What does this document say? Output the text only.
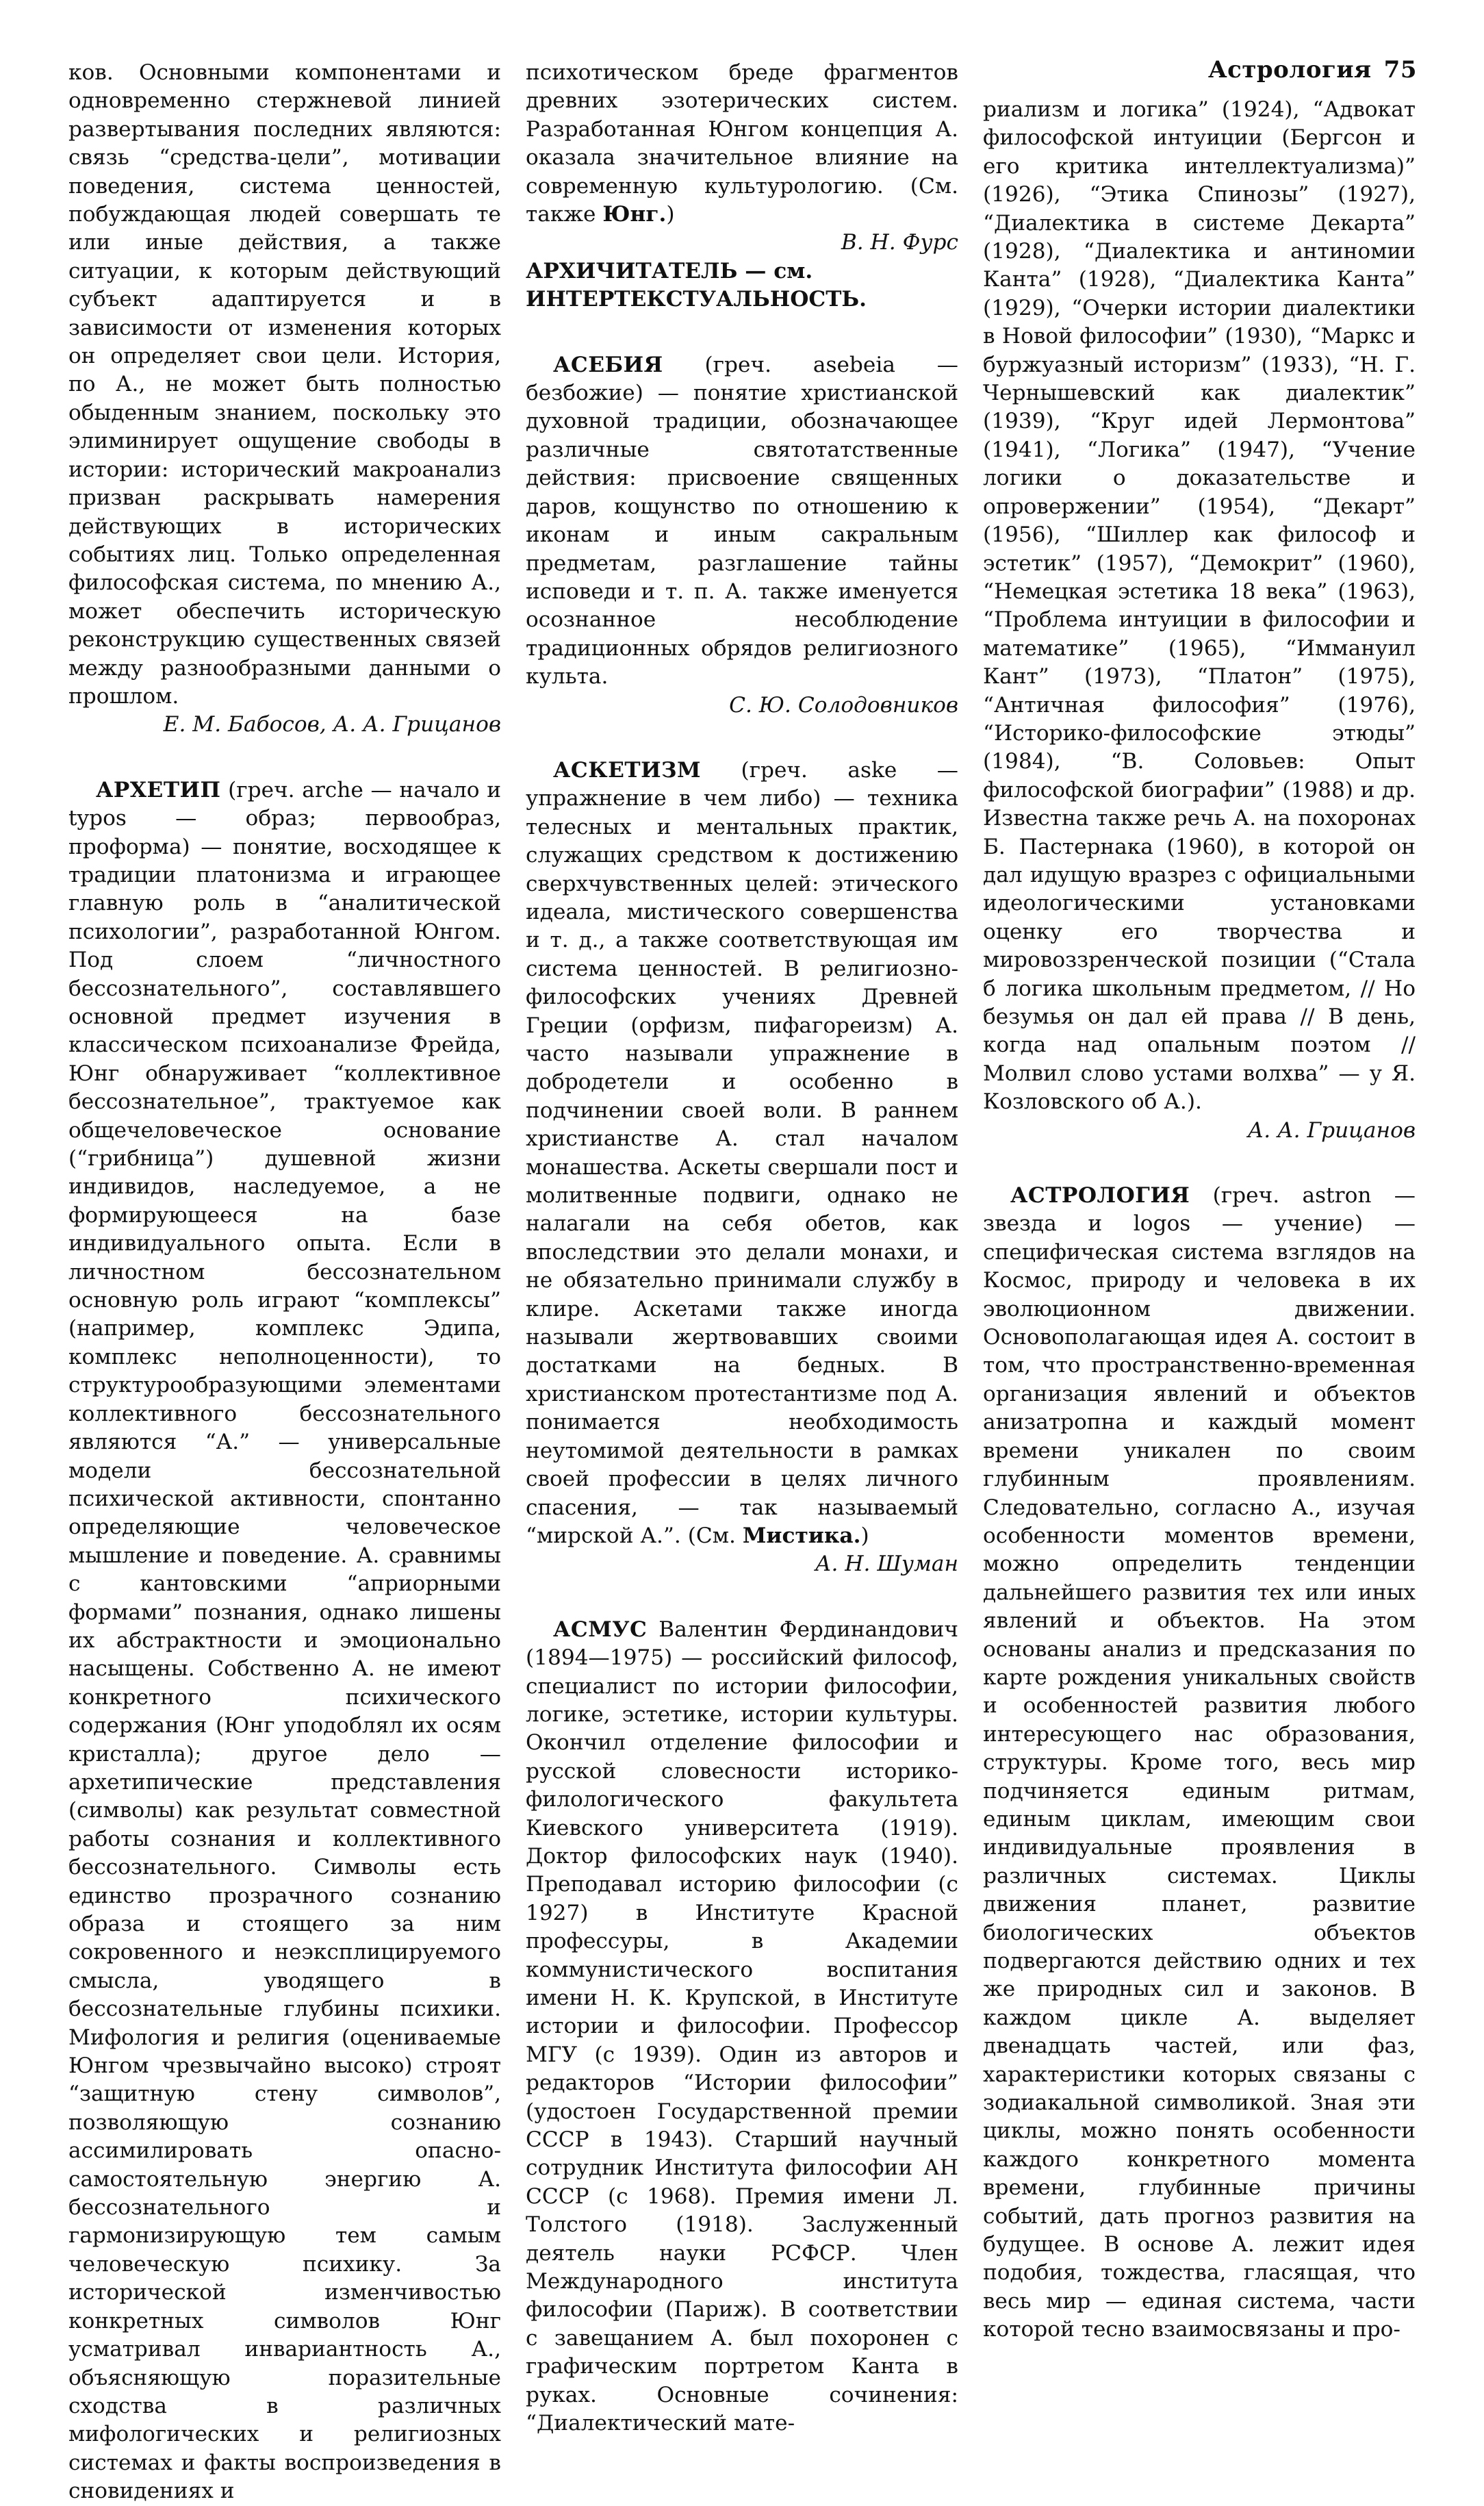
Астрология 75

ков. Основными компонентами и одновременно стержневой линией развертывания последних являются: связь “средства-цели”, мотивации поведения, система ценностей, побуждающая людей совершать те или иные действия, а также ситуации, к которым действующий субъект адаптируется и в зависимости от изменения которых он определяет свои цели. История, по А., не может быть полностью обыденным знанием, поскольку это элиминирует ощущение свободы в истории: исторический макроанализ призван раскрывать намерения действующих в исторических событиях лиц. Только определенная философская система, по мнению А., может обеспечить историческую реконструкцию существенных связей между разнообразными данными о прошлом.

Е. М. Бабосов, А. А. Грицанов

АРХЕТИП (греч. arche — начало и typos — образ; первообраз, проформа) — понятие, восходящее к традиции платонизма и играющее главную роль в “аналитической психологии”, разработанной Юнгом. Под слоем “личностного бессознательного”, составлявшего основной предмет изучения в классическом психоанализе Фрейда, Юнг обнаруживает “коллективное бессознательное”, трактуемое как общечеловеческое основание (“грибница”) душевной жизни индивидов, наследуемое, а не формирующееся на базе индивидуального опыта. Если в личностном бессознательном основную роль играют “комплексы” (например, комплекс Эдипа, комплекс неполноценности), то структурообразующими элементами коллективного бессознательного являются “А.” — универсальные модели бессознательной психической активности, спонтанно определяющие человеческое мышление и поведение. А. сравнимы с кантовскими “априорными формами” познания, однако лишены их абстрактности и эмоционально насыщены. Собственно А. не имеют конкретного психического содержания (Юнг уподоблял их осям кристалла); другое дело — архетипические представления (символы) как результат совместной работы сознания и коллективного бессознательного. Символы есть единство прозрачного сознанию образа и стоящего за ним сокровенного и неэксплицируемого смысла, уводящего в бессознательные глубины психики. Мифология и религия (оцениваемые Юнгом чрезвычайно высоко) строят “защитную стену символов”, позволяющую сознанию ассимилировать опасно-самостоятельную энергию А. бессознательного и гармонизирующую тем самым человеческую психику. За исторической изменчивостью конкретных символов Юнг усматривал инвариантность А., объясняющую поразительные сходства в различных мифологических и религиозных системах и факты воспроизведения в сновидениях и

психотическом бреде фрагментов древних эзотерических систем. Разработанная Юнгом концепция А. оказала значительное влияние на современную культурологию. (См. также Юнг.)

В. Н. Фурс

АРХИЧИТАТЕЛЬ — см. ИНТЕРТЕКСТУАЛЬНОСТЬ.

АСЕБИЯ (греч. asebeia — безбожие) — понятие христианской духовной традиции, обозначающее различные святотатственные действия: присвоение священных даров, кощунство по отношению к иконам и иным сакральным предметам, разглашение тайны исповеди и т. п. А. также именуется осознанное несоблюдение традиционных обрядов религиозного культа.

С. Ю. Солодовников

АСКЕТИЗМ (греч. aske — упражнение в чем либо) — техника телесных и ментальных практик, служащих средством к достижению сверхчувственных целей: этического идеала, мистического совершенства и т. д., а также соответствующая им система ценностей. В религиозно-философских учениях Древней Греции (орфизм, пифагореизм) А. часто называли упражнение в добродетели и особенно в подчинении своей воли. В раннем христианстве А. стал началом монашества. Аскеты свершали пост и молитвенные подвиги, однако не налагали на себя обетов, как впоследствии это делали монахи, и не обязательно принимали службу в клире. Аскетами также иногда называли жертвовавших своими достатками на бедных. В христианском протестантизме под А. понимается необходимость неутомимой деятельности в рамках своей профессии в целях личного спасения, — так называемый “мирской А.”. (См. Мистика.)

А. Н. Шуман

АСМУС Валентин Фердинандович (1894—1975) — российский философ, специалист по истории философии, логике, эстетике, истории культуры. Окончил отделение философии и русской словесности историко-филологического факультета Киевского университета (1919). Доктор философских наук (1940). Преподавал историю философии (с 1927) в Институте Красной профессуры, в Академии коммунистического воспитания имени Н. К. Крупской, в Институте истории и философии. Профессор МГУ (с 1939). Один из авторов и редакторов “Истории философии” (удостоен Государственной премии СССР в 1943). Старший научный сотрудник Института философии АН СССР (с 1968). Премия имени Л. Толстого (1918). Заслуженный деятель науки РСФСР. Член Международного института философии (Париж). В соответствии с завещанием А. был похоронен с графическим портретом Канта в руках. Основные сочинения: “Диалектический мате-

риализм и логика” (1924), “Адвокат философской интуиции (Бергсон и его критика интеллектуализма)” (1926), “Этика Спинозы” (1927), “Диалектика в системе Декарта” (1928), “Диалектика и антиномии Канта” (1928), “Диалектика Канта” (1929), “Очерки истории диалектики в Новой философии” (1930), “Маркс и буржуазный историзм” (1933), “Н. Г. Чернышевский как диалектик” (1939), “Круг идей Лермонтова” (1941), “Логика” (1947), “Учение логики о доказательстве и опровержении” (1954), “Декарт” (1956), “Шиллер как философ и эстетик” (1957), “Демокрит” (1960), “Немецкая эстетика 18 века” (1963), “Проблема интуиции в философии и математике” (1965), “Иммануил Кант” (1973), “Платон” (1975), “Античная философия” (1976), “Историко-философские этюды” (1984), “В. Соловьев: Опыт философской биографии” (1988) и др. Известна также речь А. на похоронах Б. Пастернака (1960), в которой он дал идущую вразрез с официальными идеологическими установками оценку его творчества и мировоззренческой позиции (“Стала б логика школьным предметом, // Но безумья он дал ей права // В день, когда над опальным поэтом // Молвил слово устами волхва” — у Я. Козловского об А.).

А. А. Грицанов

АСТРОЛОГИЯ (греч. astron — звезда и logos — учение) — специфическая система взглядов на Космос, природу и человека в их эволюционном движении. Основополагающая идея А. состоит в том, что пространственно-временная организация явлений и объектов анизатропна и каждый момент времени уникален по своим глубинным проявлениям. Следовательно, согласно А., изучая особенности моментов времени, можно определить тенденции дальнейшего развития тех или иных явлений и объектов. На этом основаны анализ и предсказания по карте рождения уникальных свойств и особенностей развития любого интересующего нас образования, структуры. Кроме того, весь мир подчиняется единым ритмам, единым циклам, имеющим свои индивидуальные проявления в различных системах. Циклы движения планет, развитие биологических объектов подвергаются действию одних и тех же природных сил и законов. В каждом цикле А. выделяет двенадцать частей, или фаз, характеристики которых связаны с зодиакальной символикой. Зная эти циклы, можно понять особенности каждого конкретного момента времени, глубинные причины событий, дать прогноз развития на будущее. В основе А. лежит идея подобия, тождества, гласящая, что весь мир — единая система, части которой тесно взаимосвязаны и про-
